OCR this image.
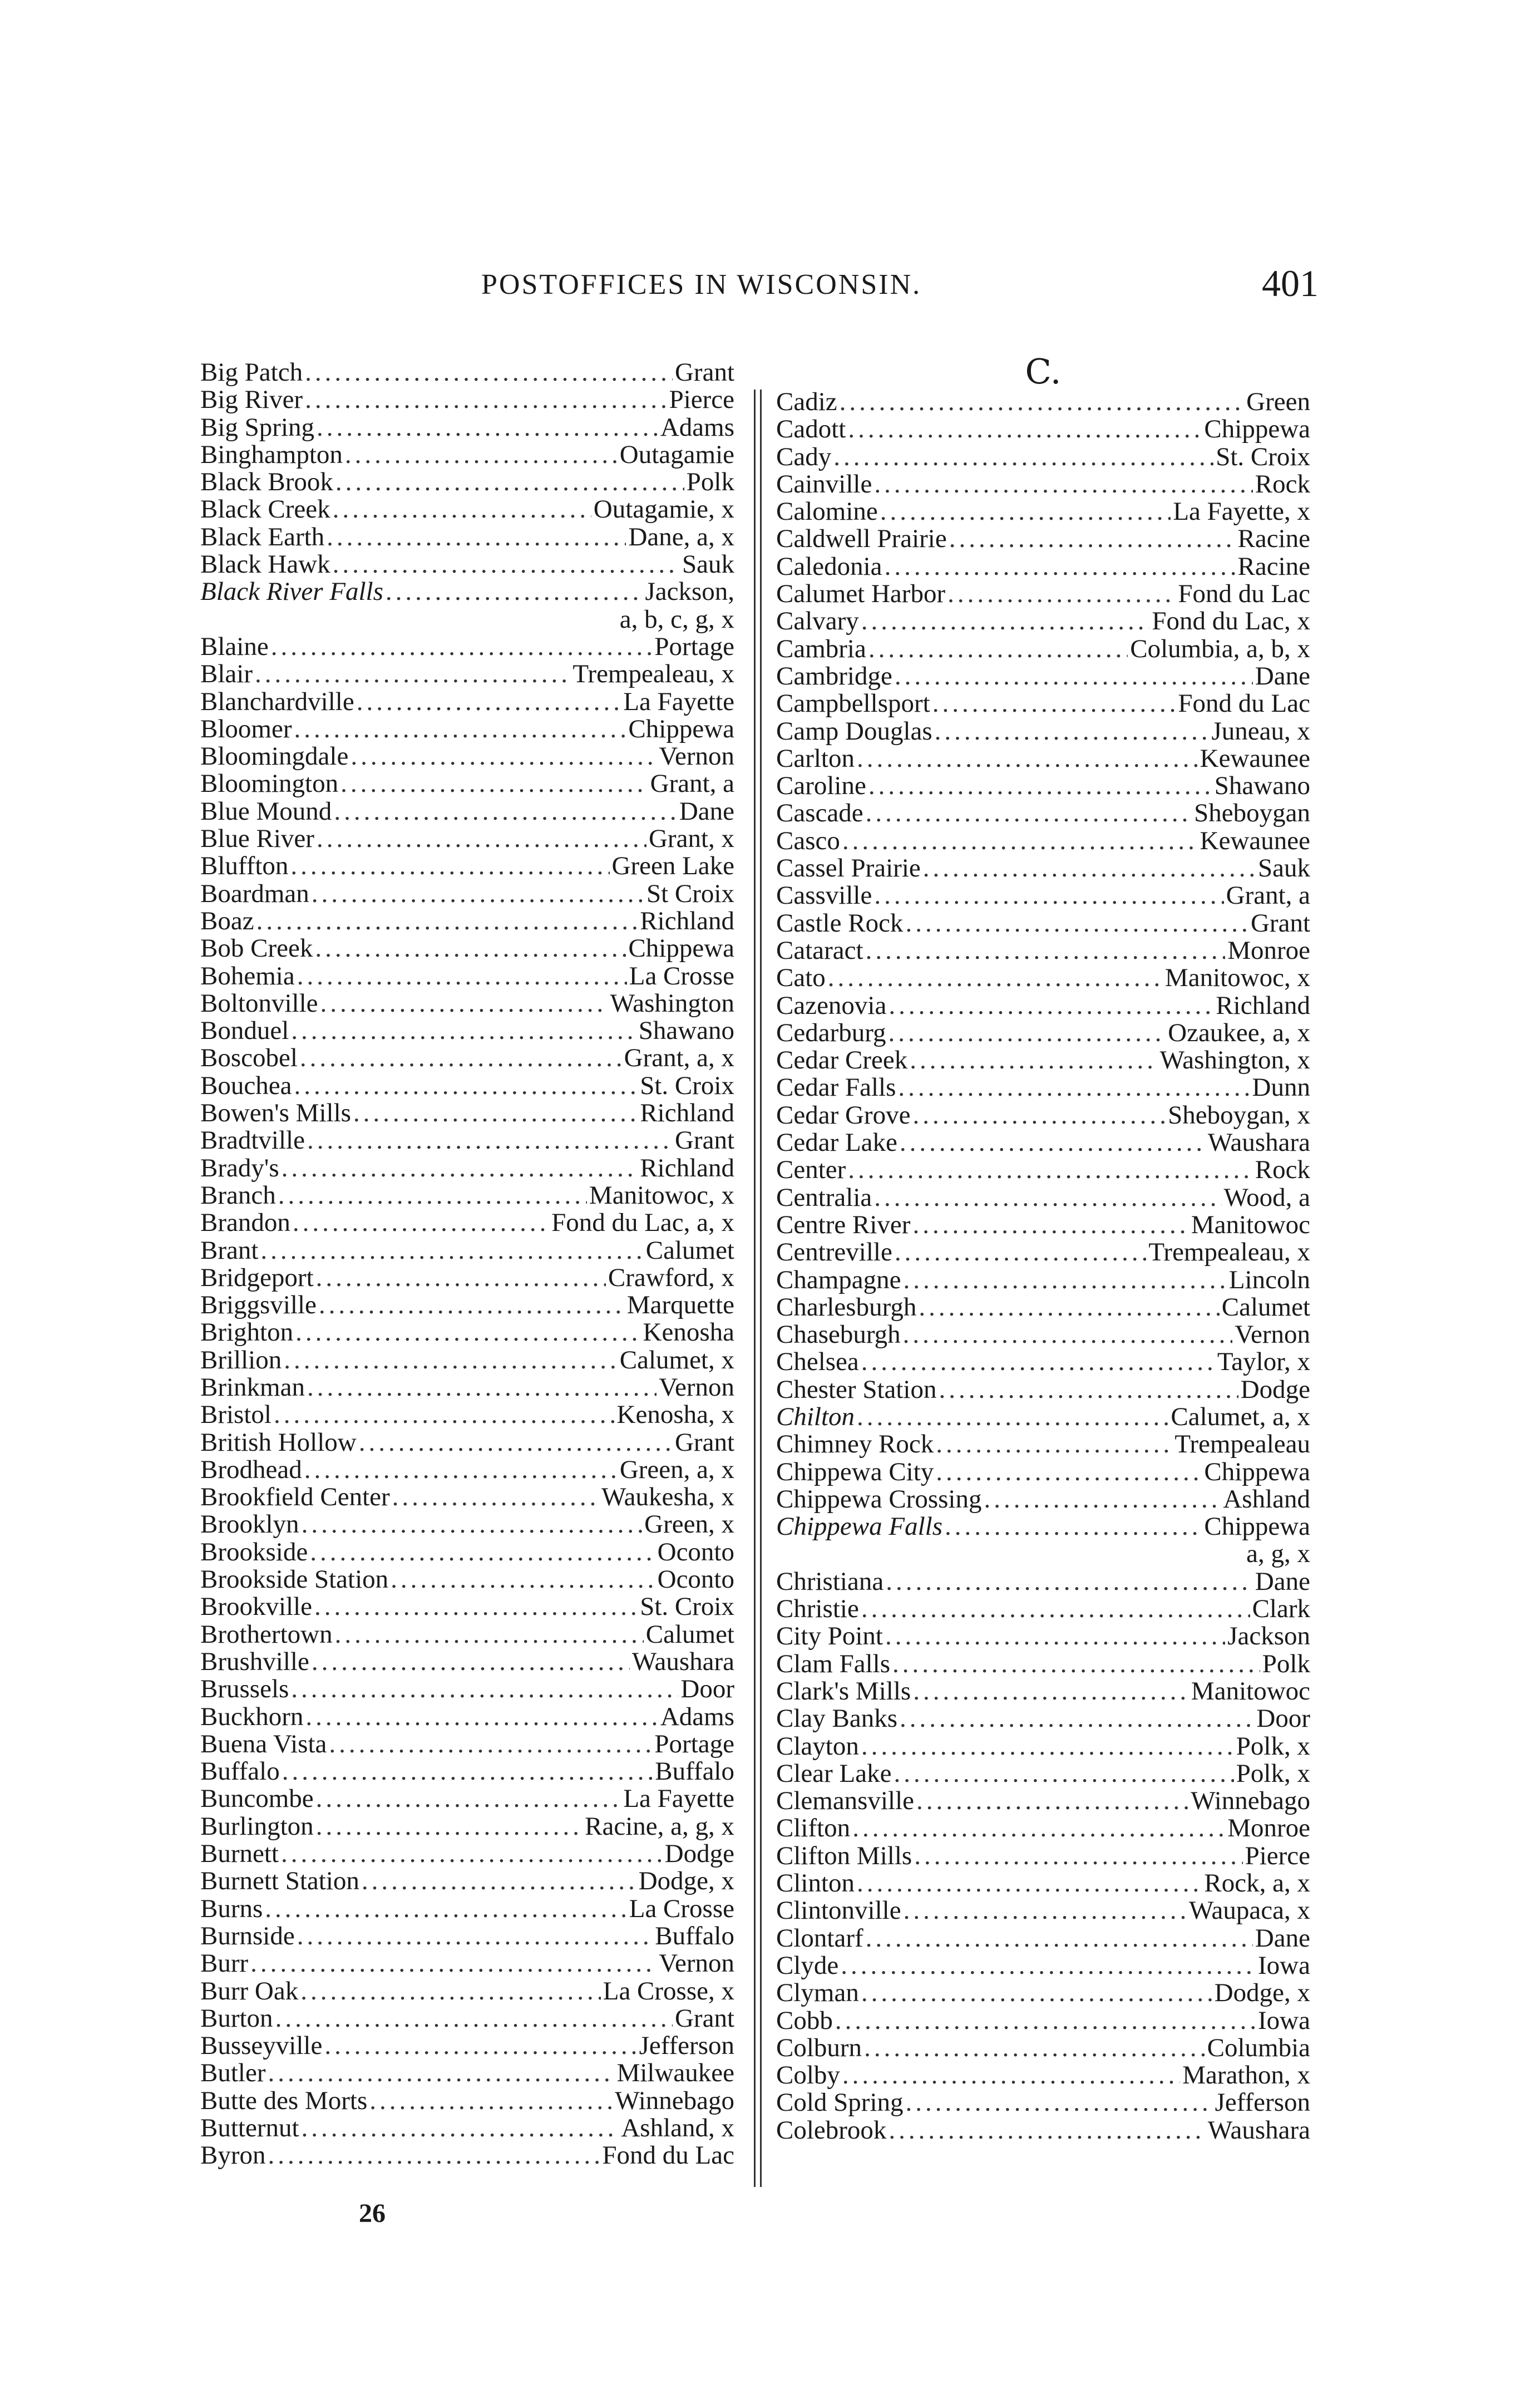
POSTOFFICES IN WISCONSIN.	401
Big Patch .....	Grant
Big River .....	Pierce
Big Spring .....	Adams
Binghampton .....	Outagamie
Black Brook .....	Polk
Black Creek .....	Outagamie, x
Black Earth .....	Dane, a, x
Black Hawk .....	Sauk
Black River Falls .....	Jackson,
a, b, c, g, x
Blaine .....	Portage
Blair .....	Trempealeau, x
Blanchardville .....	La Fayette
Bloomer .....	Chippewa
Bloomingdale .....	Vernon
Bloomington .....	Grant, a
Blue Mound .....	Dane
Blue River .....	Grant, x
Bluffton .....	Green Lake
Boardman .....	St Croix
Boaz .....	Richland
Bob Creek .....	Chippewa
Bohemia .....	La Crosse
Boltonville .....	Washington
Bonduel .....	Shawano
Boscobel .....	Grant, a, x
Bouchea .....	St. Croix
Bowen's Mills .....	Richland
Bradtville .....	Grant
Brady's .....	Richland
Branch .....	Manitowoc, x
Brandon .....	Fond du Lac, a, x
Brant .....	Calumet
Bridgeport .....	Crawford, x
Briggsville .....	Marquette
Brighton .....	Kenosha
Brillion .....	Calumet, x
Brinkman .....	Vernon
Bristol .....	Kenosha, x
British Hollow .....	Grant
Brodhead .....	Green, a, x
Brookfield Center .....	Waukesha, x
Brooklyn .....	Green, x
Brookside .....	Oconto
Brookside Station .....	Oconto
Brookville .....	St. Croix
Brothertown .....	Calumet
Brushville .....	Waushara
Brussels .....	Door
Buckhorn .....	Adams
Buena Vista .....	Portage
Buffalo .....	Buffalo
Buncombe .....	La Fayette
Burlington .....	Racine, a, g, x
Burnett .....	Dodge
Burnett Station .....	Dodge, x
Burns .....	La Crosse
Burnside .....	Buffalo
Burr .....	Vernon
Burr Oak .....	La Crosse, x
Burton .....	Grant
Busseyville .....	Jefferson
Butler .....	Milwaukee
Butte des Morts .....	Winnebago
Butternut .....	Ashland, x
Byron .....	Fond du Lac
C.
Cadiz .....	Green
Cadott .....	Chippewa
Cady .....	St. Croix
Cainville .....	Rock
Calomine .....	La Fayette, x
Caldwell Prairie .....	Racine
Caledonia .....	Racine
Calumet Harbor .....	Fond du Lac
Calvary .....	Fond du Lac, x
Cambria .....	Columbia, a, b, x
Cambridge .....	Dane
Campbellsport .....	Fond du Lac
Camp Douglas .....	Juneau, x
Carlton .....	Kewaunee
Caroline .....	Shawano
Cascade .....	Sheboygan
Casco .....	Kewaunee
Cassel Prairie .....	Sauk
Cassville .....	Grant, a
Castle Rock .....	Grant
Cataract .....	Monroe
Cato .....	Manitowoc, x
Cazenovia .....	Richland
Cedarburg .....	Ozaukee, a, x
Cedar Creek .....	Washington, x
Cedar Falls .....	Dunn
Cedar Grove .....	Sheboygan, x
Cedar Lake .....	Waushara
Center .....	Rock
Centralia .....	Wood, a
Centre River .....	Manitowoc
Centreville .....	Trempealeau, x
Champagne .....	Lincoln
Charlesburgh .....	Calumet
Chaseburgh .....	Vernon
Chelsea .....	Taylor, x
Chester Station .....	Dodge
Chilton .....	Calumet, a, x
Chimney Rock .....	Trempealeau
Chippewa City .....	Chippewa
Chippewa Crossing .....	Ashland
Chippewa Falls .....	Chippewa
a, g, x
Christiana .....	Dane
Christie .....	Clark
City Point .....	Jackson
Clam Falls .....	Polk
Clark's Mills .....	Manitowoc
Clay Banks .....	Door
Clayton .....	Polk, x
Clear Lake .....	Polk, x
Clemansville .....	Winnebago
Clifton .....	Monroe
Clifton Mills .....	Pierce
Clinton .....	Rock, a, x
Clintonville .....	Waupaca, x
Clontarf .....	Dane
Clyde .....	Iowa
Clyman .....	Dodge, x
Cobb .....	Iowa
Colburn .....	Columbia
Colby .....	Marathon, x
Cold Spring .....	Jefferson
Colebrook .....	Waushara
26
